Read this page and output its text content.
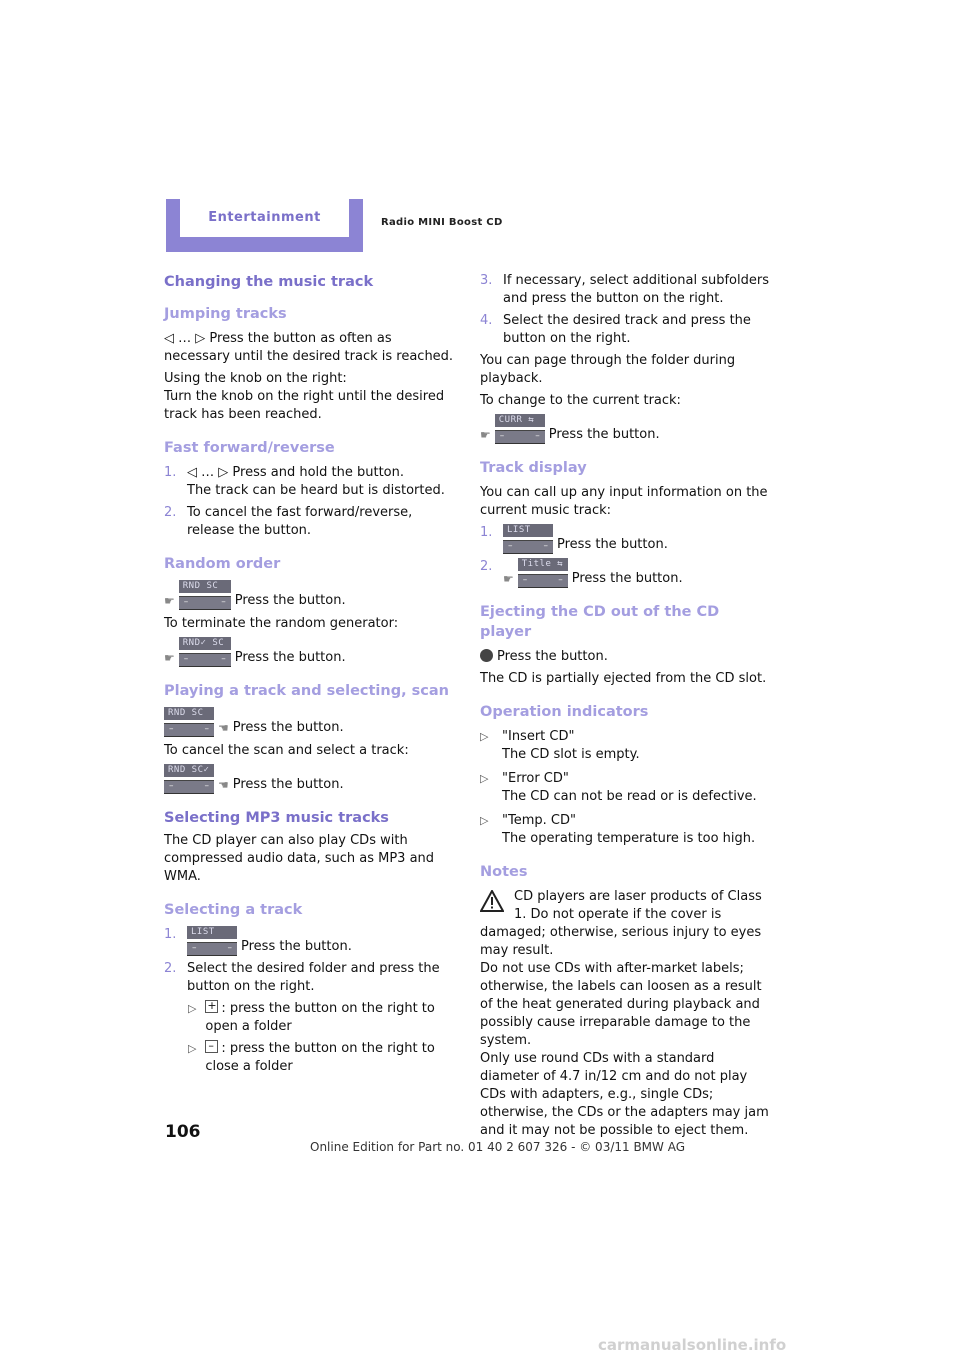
Entertainment	Radio MINI Boost CD
Changing the music track
Jumping tracks

◁ … ▷ Press the button as often as necessary until the desired track is reached.

Using the knob on the right:

Turn the knob on the right until the desired track has been reached.

Fast forward/reverse
1. ◁ … ▷ Press and hold the button.
The track can be heard but is distorted.
2. To cancel the fast forward/reverse, release the button.
Random order
☛
RND SC
–	– Press the button.

To terminate the random generator:

☛
RND✓ SC
–	– Press the button.
Playing a track and selecting, scan
RND SC
–	– ☚ Press the button.

To cancel the scan and select a track:

RND SC✓
–	– ☚ Press the button.
Selecting MP3 music tracks

The CD player can also play CDs with compressed audio data, such as MP3 and WMA.

Selecting a track
1.	LIST
–	– Press the button.
2. Select the desired folder and press the button on the right.
▷ + : press the button on the right to open a folder
▷	– : press the button on the right to close a folder
3. If necessary, select additional subfolders and press the button on the right.
4. Select the desired track and press the button on the right.

You can page through the folder during playback.

To change to the current track:

☛
CURR ⇆
–	– Press the button.
Track display

You can call up any input information on the current music track:

1.	LIST
–	– Press the button.
2.
☛
Title ⇆
–	– Press the button.
Ejecting the CD out of the CD player

Press the button.

The CD is partially ejected from the CD slot.

Operation indicators
▷	"Insert CD"
The CD slot is empty.
▷	"Error CD"
The CD can not be read or is defective.
▷	"Temp. CD"
The operating temperature is too high.
Notes

CD players are laser products of Class 1. Do not operate if the cover is damaged; otherwise, serious injury to eyes may result.

Do not use CDs with after-market labels; otherwise, the labels can loosen as a result of the heat generated during playback and possibly cause irreparable damage to the system.

Only use round CDs with a standard diameter of 4.7 in/12 cm and do not play CDs with adapters, e.g., single CDs; otherwise, the CDs or the adapters may jam and it may not be possible to eject them.

106
Online Edition for Part no. 01 40 2 607 326 - © 03/11 BMW AG
carmanualsonline.info
